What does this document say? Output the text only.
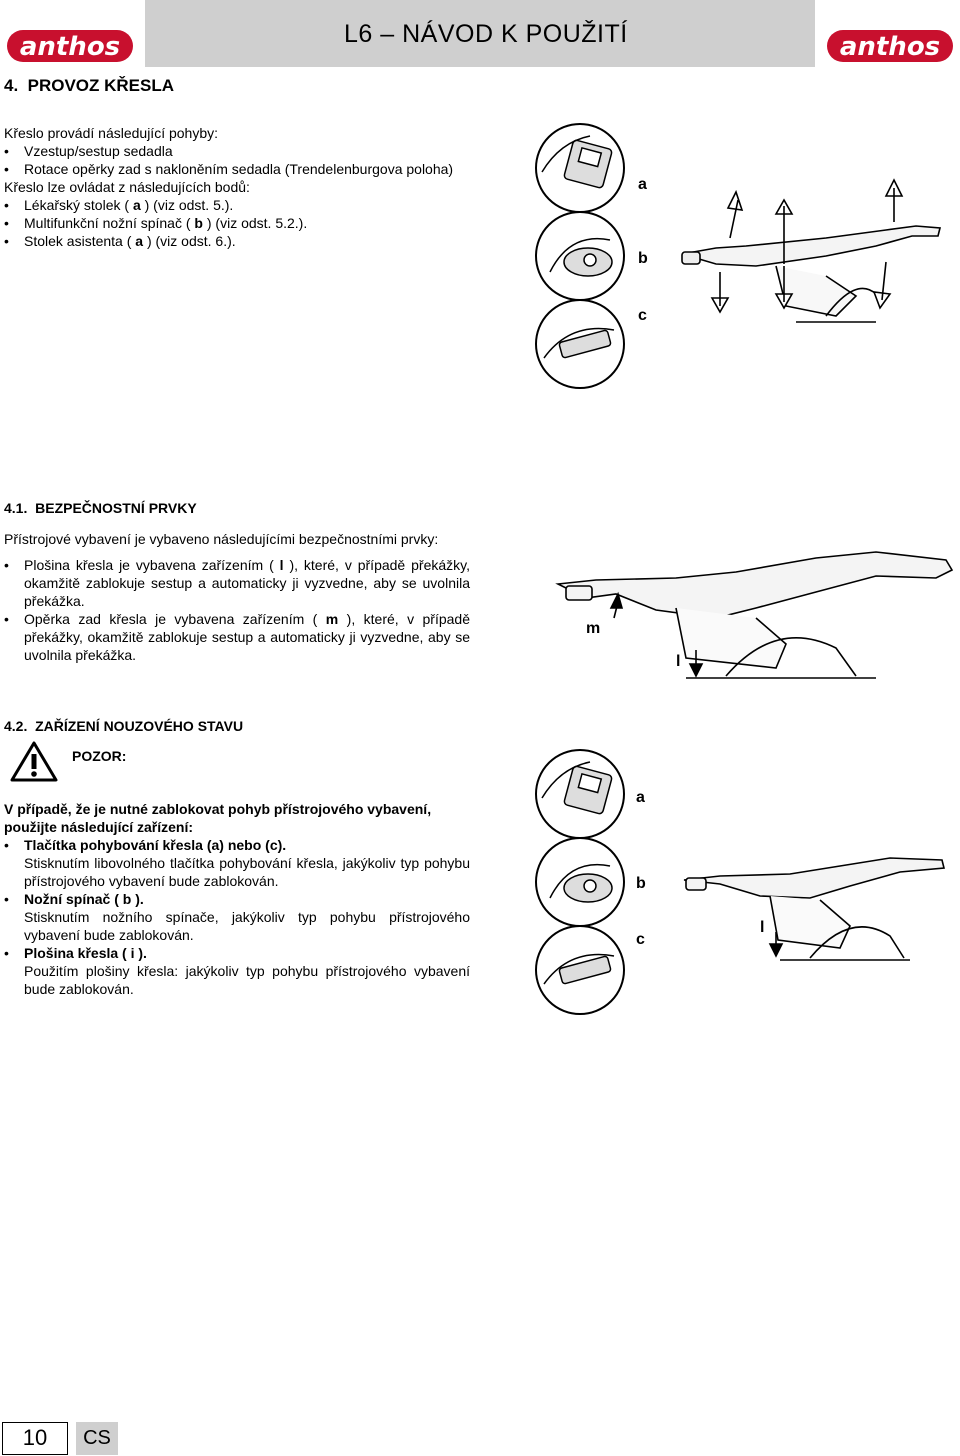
anthos	L6 – NÁVOD K POUŽITÍ	anthos
4.  PROVOZ KŘESLA
Křeslo provádí následující pohyby:
• Vzestup/sestup sedadla
• Rotace opěrky zad s nakloněním sedadla (Trendelenburgova poloha)
Křeslo lze ovládat z následujících bodů:
• Lékařský stolek ( a ) (viz odst. 5.).
• Multifunkční nožní spínač ( b ) (viz odst. 5.2.).
• Stolek asistenta ( a ) (viz odst. 6.).
a
b
c
4.1.  BEZPEČNOSTNÍ PRVKY
Přístrojové vybavení je vybaveno následujícími bezpečnostními prvky:
• Plošina křesla je vybavena zařízením ( l ), které, v případě překážky, okamžitě zablokuje sestup a automaticky ji vyzvedne, aby se uvolnila překážka.
• Opěrka zad křesla je vybavena zařízením ( m ), které, v případě překážky, okamžitě zablokuje sestup a automaticky ji vyzvedne, aby se uvolnila překážka.
m
l
4.2.  ZAŘÍZENÍ NOUZOVÉHO STAVU
POZOR:
V případě, že je nutné zablokovat pohyb přístrojového vybavení, použijte následující zařízení:
• Tlačítka pohybování křesla (a) nebo (c).
Stisknutím libovolného tlačítka pohybování křesla, jakýkoliv typ pohybu přístrojového vybavení bude zablokován.
• Nožní spínač ( b ).
Stisknutím nožního spínače, jakýkoliv typ pohybu přístrojového vybavení bude zablokován.
• Plošina křesla ( i ).
Použitím plošiny křesla: jakýkoliv typ pohybu přístrojového vybavení bude zablokován.
a
b
c
l
10	CS
